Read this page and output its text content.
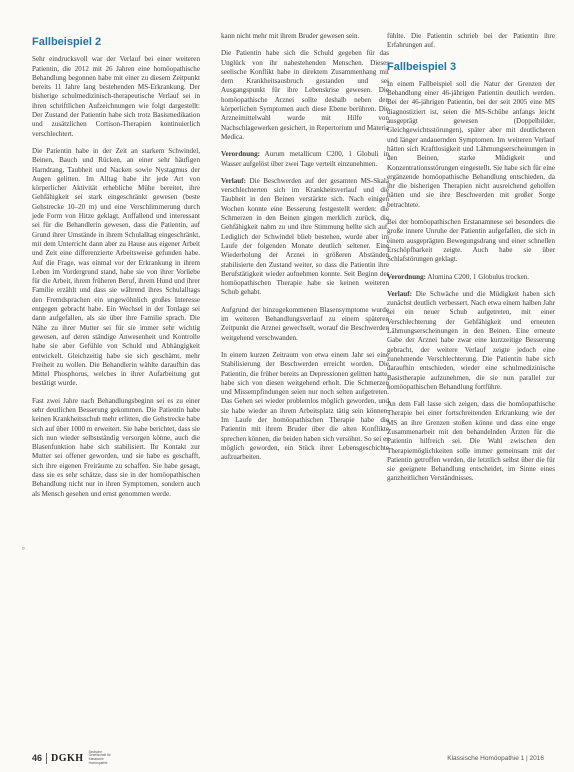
Fallbeispiel 2

Sehr eindrucksvoll war der Verlauf bei einer weiteren Patientin, die 2012 mit 26 Jahren eine homöopathische Behandlung begonnen habe mit einer zu diesem Zeitpunkt bereits 11 Jahre lang bestehenden MS-Erkrankung. Der bisherige schulmedizinisch-therapeutische Verlauf sei in ihren schriftlichen Aufzeichnungen wie folgt dargestellt: Der Zustand der Patientin habe sich trotz Basismedikation und zusätzlichen Cortison-Therapien kontinuierlich verschlechtert.

Die Patientin habe in der Zeit an starkem Schwindel, Beinen, Bauch und Rücken, an einer sehr häufigen Harndrang, Taubheit und Nacken sowie Nystagmus der Augen gelitten. Im Alltag habe ihr jede Art von körperlicher Aktivität erhebliche Mühe bereitet, ihre Gehfähigkeit sei stark eingeschränkt gewesen (beste Gehstrecke 10–20 m) und eine Verschlimmerung durch jede Form von Hitze geklagt. Auffallend und interessant sei für die Behandlerin gewesen, dass die Patientin, auf Grund ihrer Umstände in ihrem Schulalltag eingeschränkt, mit dem Unterricht dann aber zu Hause aus eigener Arbeit und Zeit eine differenzierte Arbeitsweise gefunden habe. Auf die Frage, was einmal vor der Erkrankung in ihrem Leben im Vordergrund stand, habe sie von ihrer Vorliebe für die Arbeit, ihrem früheren Beruf, ihrem Hund und ihrer Familie erzählt und dass sie während ihres Schulalltags den Fremdsprachen ein ungewöhnlich großes Interesse entgegen gebracht habe. Ein Wechsel in der Tonlage sei dann aufgefallen, als sie über ihre Familie sprach. Die Nähe zu ihrer Mutter sei für sie immer sehr wichtig gewesen, auf deren ständige Anwesenheit und Kontrolle habe sie aber Gefühle von Schuld und Abhängigkeit entwickelt. Gleichzeitig habe sie sich geschämt, mehr Freiheit zu wollen. Die Behandlerin wählte daraufhin das Mittel Phosphorus, welches in ihrer Aufarbeitung gut bestätigt wurde.

Fast zwei Jahre nach Behandlungsbeginn sei es zu einer sehr deutlichen Besserung gekommen. Die Patientin habe keinen Krankheitsschub mehr erlitten, die Gehstrecke habe sich auf über 1000 m erweitert. Sie habe berichtet, dass sie sich nun wieder selbstständig versorgen könne, auch die Blasenfunktion habe sich stabilisiert. Ihr Kontakt zur Mutter sei offener geworden, und sie habe es geschafft, sich ihre eigenen Freiräume zu schaffen. Sie habe gesagt, dass sie es sehr schätze, dass sie in der homöopathischen Behandlung nicht nur in ihren Symptomen, sondern auch als Mensch gesehen und ernst genommen werde.

°

kann nicht mehr mit ihrem Bruder gewesen sein.

Die Patientin habe sich die Schuld gegeben für das Unglück von ihr nahestehenden Menschen. Dieses seelische Konflikt habe in direktem Zusammenhang mit dem Krankheitsausbruch gestanden und sei Ausgangspunkt für ihre Lebenskrise gewesen. Die homöopathische Arznei sollte deshalb neben den körperlichen Symptomen auch diese Ebene berühren. Die Arzneimittelwahl wurde mit Hilfe von Nachschlagewerken gesichert, in Repertorium und Materia Medica.

Verordnung: Aurum metallicum C200, 1 Globuli in Wasser aufgelöst über zwei Tage verteilt einzunehmen.

Verlauf: Die Beschwerden auf der gesamten MS-Skala verschlechterten sich im Krankheitsverlauf und die Taubheit in den Beinen verstärkte sich. Nach einigen Wochen konnte eine Besserung festgestellt werden: die Schmerzen in den Beinen gingen merklich zurück, die Gehfähigkeit nahm zu und ihre Stimmung hellte sich auf. Lediglich der Schwindel blieb bestehen, wurde aber im Laufe der folgenden Monate deutlich seltener. Eine Wiederholung der Arznei in größeren Abständen stabilisierte den Zustand weiter, so dass die Patientin ihre Berufstätigkeit wieder aufnehmen konnte. Seit Beginn der homöopathischen Therapie habe sie keinen weiteren Schub gehabt.

Aufgrund der hinzugekommenen Blasensymptome wurde im weiteren Behandlungsverlauf zu einem späteren Zeitpunkt die Arznei gewechselt, worauf die Beschwerden weitgehend verschwanden.

In einem kurzen Zeitraum von etwa einem Jahr sei eine Stabilisierung der Beschwerden erreicht worden. Die Patientin, die früher bereits an Depressionen gelitten hatte, habe sich von diesen weitgehend erholt. Die Schmerzen und Missempfindungen seien nur noch selten aufgetreten. Das Gehen sei wieder problemlos möglich geworden, und sie habe wieder an ihrem Arbeitsplatz tätig sein können. Im Laufe der homöopathischen Therapie habe die Patientin mit ihrem Bruder über die alten Konflikte sprechen können, die beiden haben sich versöhnt. So sei es möglich geworden, ein Stück ihrer Lebensgeschichte aufzuarbeiten.

fühlte. Die Patientin schrieb bei der Patientin ihre Erfahrungen auf.

Fallbeispiel 3

In einem Fallbeispiel soll die Natur der Grenzen der Behandlung einer 46-jährigen Patientin deutlich werden. Bei der 46-jährigen Patientin, bei der seit 2005 eine MS diagnostiziert ist, seien die MS-Schübe anfangs leicht ausgeprägt gewesen (Doppelbilder, Gleichgewichtsstörungen), später aber mit deutlicheren und länger andauernden Symptomen. Im weiteren Verlauf hätten sich Kraftlosigkeit und Lähmungserscheinungen in den Beinen, starke Müdigkeit und Konzentrationsstörungen eingestellt. Sie habe sich für eine ergänzende homöopathische Behandlung entschieden, da ihr die bisherigen Therapien nicht ausreichend geholfen hätten und sie ihre Beschwerden mit großer Sorge betrachtete.

Bei der homöopathischen Erstanamnese sei besonders die große innere Unruhe der Patientin aufgefallen, die sich in einem ausgeprägten Bewegungsdrang und einer schnellen Erschöpfbarkeit zeigte. Auch habe sie über Schlafstörungen geklagt.

Verordnung: Alumina C200, 1 Globulus trocken.

Verlauf: Die Schwäche und die Müdigkeit haben sich zunächst deutlich verbessert. Nach etwa einem halben Jahr sei ein neuer Schub aufgetreten, mit einer Verschlechterung der Gehfähigkeit und erneuten Lähmungserscheinungen in den Beinen. Eine erneute Gabe der Arznei habe zwar eine kurzzeitige Besserung gebracht, der weitere Verlauf zeigte jedoch eine zunehmende Verschlechterung. Die Patientin habe sich daraufhin entschieden, wieder eine schulmedizinische Basistherapie aufzunehmen, die sie nun parallel zur homöopathischen Behandlung fortführe.

An dem Fall lasse sich zeigen, dass die homöopathische Therapie bei einer fortschreitenden Erkrankung wie der MS an ihre Grenzen stoßen könne und dass eine enge Zusammenarbeit mit den behandelnden Ärzten für die Patientin hilfreich sei. Die Wahl zwischen den Therapiemöglichkeiten solle immer gemeinsam mit der Patientin getroffen werden, die letztlich selbst über die für sie geeignete Behandlung entscheidet, im Sinne eines ganzheitlichen Verständnisses.

46 DGKH
Deutsche Gesellschaft für Klassische Homöopathie
Klassische Homöopathie 1 | 2016
